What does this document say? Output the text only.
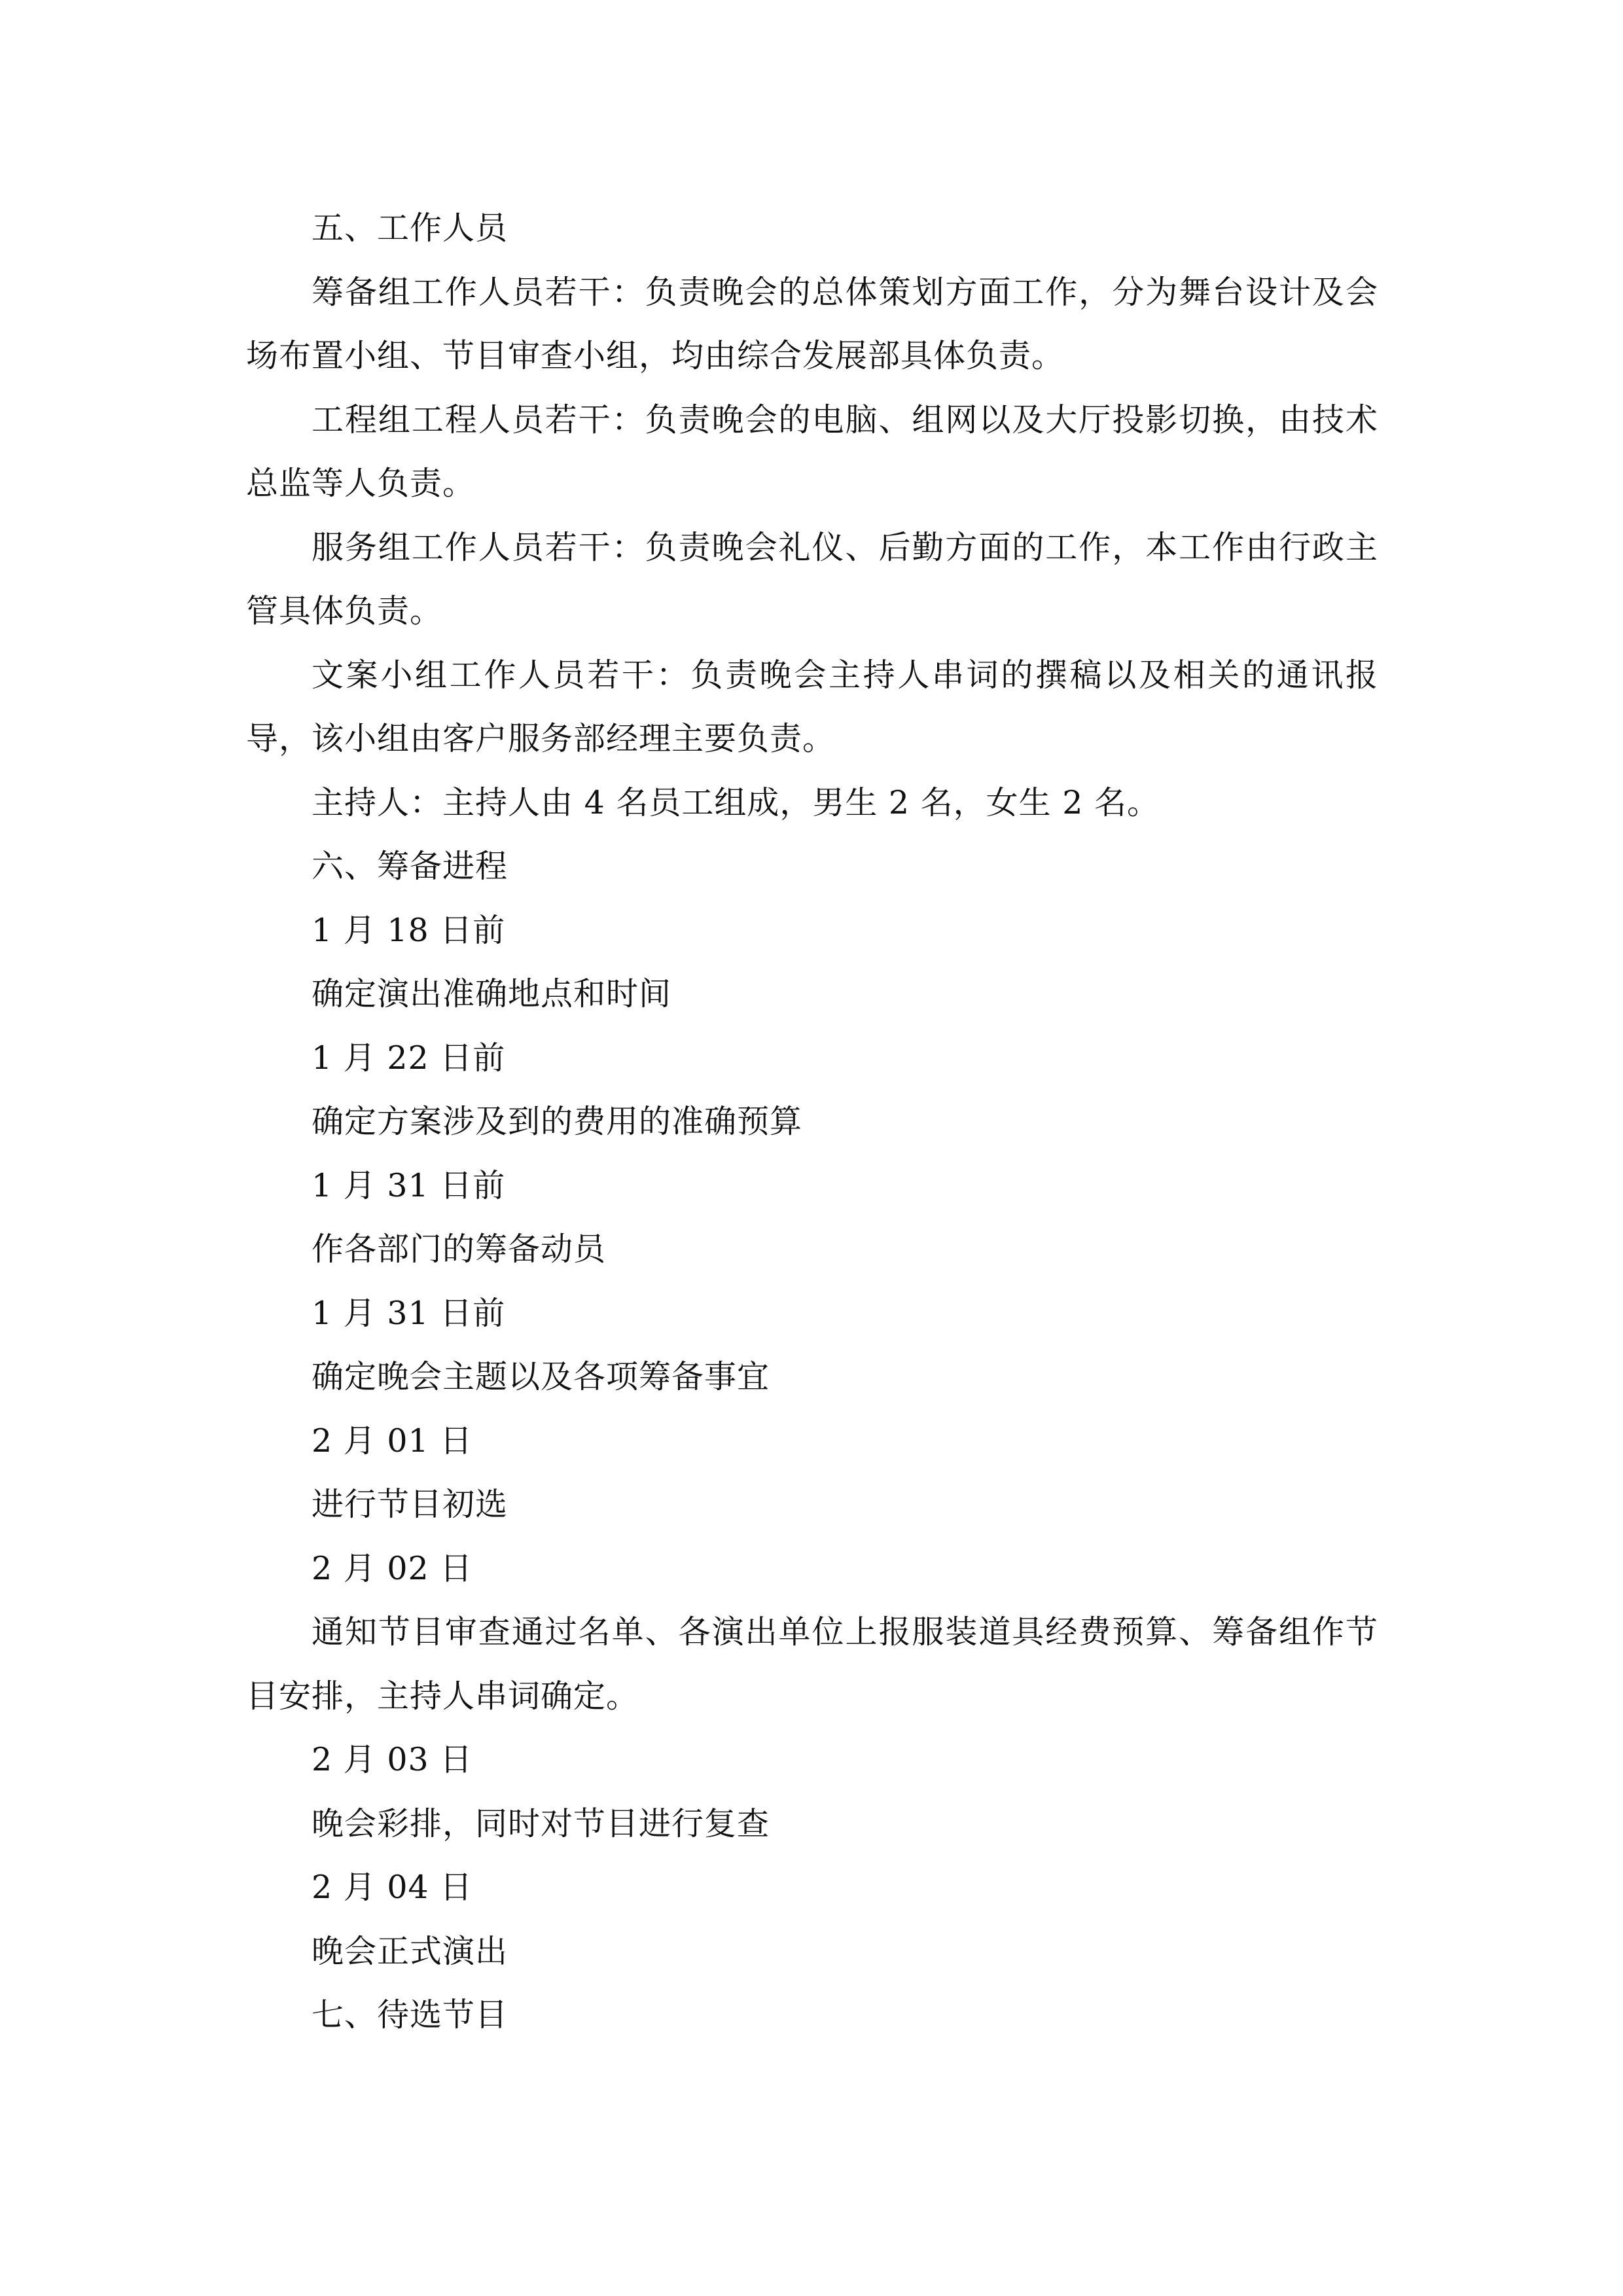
五、工作人员

筹备组工作人员若干：负责晚会的总体策划方面工作，分为舞台设计及会场布置小组、节目审查小组，均由综合发展部具体负责。

工程组工程人员若干：负责晚会的电脑、组网以及大厅投影切换，由技术总监等人负责。

服务组工作人员若干：负责晚会礼仪、后勤方面的工作，本工作由行政主管具体负责。

文案小组工作人员若干：负责晚会主持人串词的撰稿以及相关的通讯报导，该小组由客户服务部经理主要负责。

主持人：主持人由 4 名员工组成，男生 2 名，女生 2 名。

六、筹备进程

1 月 18 日前

确定演出准确地点和时间

1 月 22 日前

确定方案涉及到的费用的准确预算

1 月 31 日前

作各部门的筹备动员

1 月 31 日前

确定晚会主题以及各项筹备事宜

2 月 01 日

进行节目初选

2 月 02 日

通知节目审查通过名单、各演出单位上报服装道具经费预算、筹备组作节目安排，主持人串词确定。

2 月 03 日

晚会彩排，同时对节目进行复查

2 月 04 日

晚会正式演出

七、待选节目
